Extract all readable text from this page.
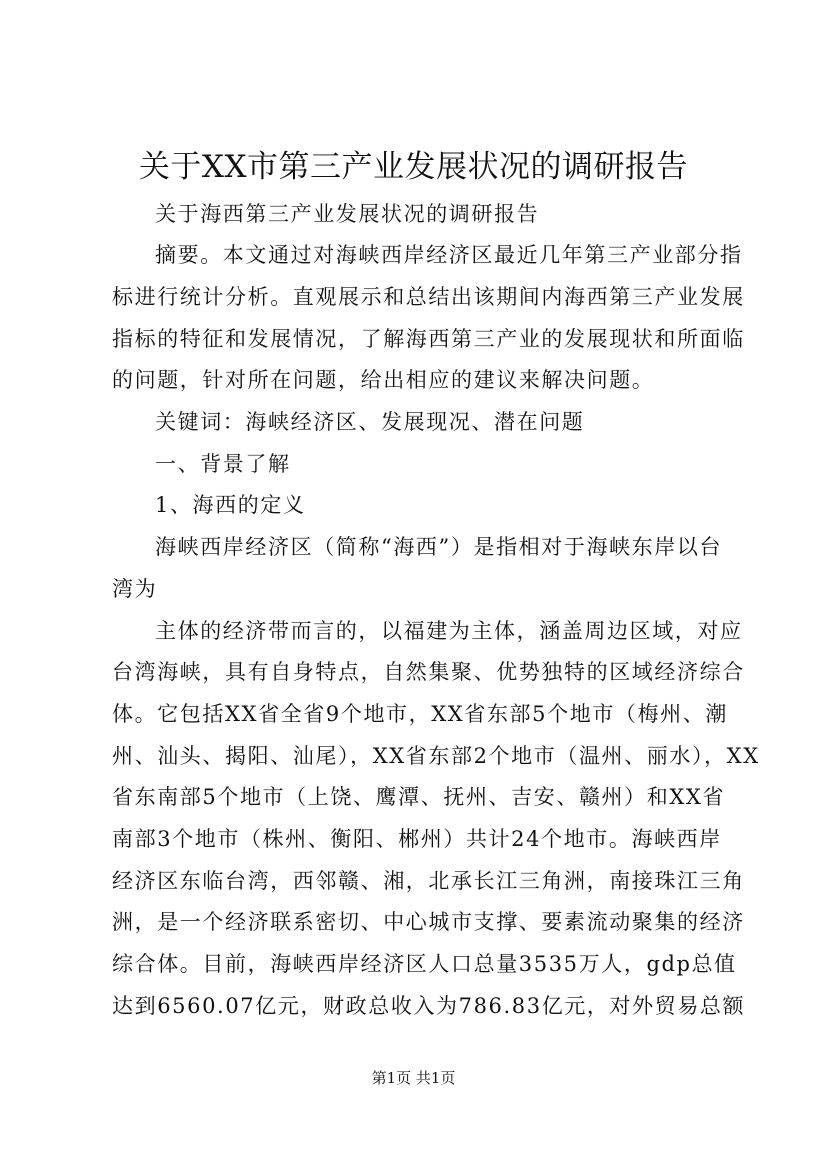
关于XX市第三产业发展状况的调研报告
关于海西第三产业发展状况的调研报告
摘要。本文通过对海峡西岸经济区最近几年第三产业部分指
标进行统计分析。直观展示和总结出该期间内海西第三产业发展
指标的特征和发展情况，了解海西第三产业的发展现状和所面临
的问题，针对所在问题，给出相应的建议来解决问题。
关键词：海峡经济区、发展现况、潜在问题
一、背景了解
1、海西的定义
海峡西岸经济区（简称“海西”）是指相对于海峡东岸以台
湾为
主体的经济带而言的，以福建为主体，涵盖周边区域，对应
台湾海峡，具有自身特点，自然集聚、优势独特的区域经济综合
体。它包括XX省全省9个地市，XX省东部5个地市（梅州、潮
州、汕头、揭阳、汕尾），XX省东部2个地市（温州、丽水），XX
省东南部5个地市（上饶、鹰潭、抚州、吉安、赣州）和XX省
南部3个地市（株州、衡阳、郴州）共计24个地市。海峡西岸
经济区东临台湾，西邻赣、湘，北承长江三角洲，南接珠江三角
洲，是一个经济联系密切、中心城市支撑、要素流动聚集的经济
综合体。目前，海峡西岸经济区人口总量3535万人，gdp总值
达到6560.07亿元，财政总收入为786.83亿元，对外贸易总额
第1页 共1页
